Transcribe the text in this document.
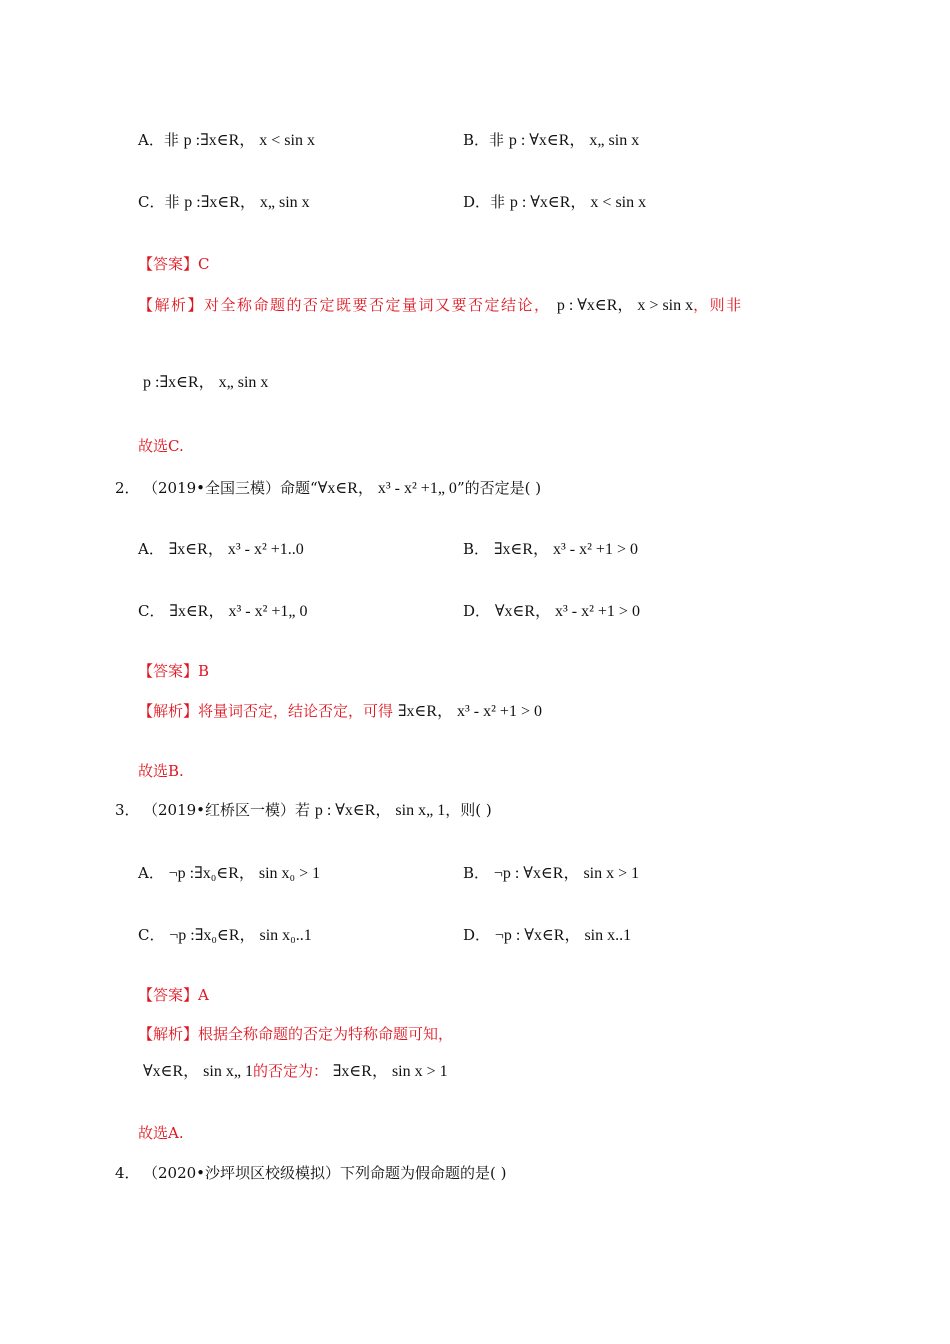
A．非 p :∃x∈R， x < sin x	B．非 p : ∀x∈R， x„ sin x
C．非 p :∃x∈R， x„ sin x	D．非 p : ∀x∈R， x < sin x
【答案】C
【解析】对全称命题的否定既要否定量词又要否定结论， p : ∀x∈R， x > sin x，则非
p :∃x∈R， x„ sin x
故选C.
2． （2019•全国三模）命题“∀x∈R， x³ - x² +1„ 0”的否定是( )
A． ∃x∈R， x³ - x² +1..0	B． ∃x∈R， x³ - x² +1 > 0
C． ∃x∈R， x³ - x² +1„ 0	D． ∀x∈R， x³ - x² +1 > 0
【答案】B
【解析】将量词否定，结论否定，可得 ∃x∈R， x³ - x² +1 > 0
故选B.
3． （2019•红桥区一模）若 p : ∀x∈R， sin x„ 1，则( )
A． ¬p :∃x₀∈R， sin x₀ > 1	B． ¬p : ∀x∈R， sin x > 1
C． ¬p :∃x₀∈R， sin x₀..1	D． ¬p : ∀x∈R， sin x..1
【答案】A
【解析】根据全称命题的否定为特称命题可知，
∀x∈R， sin x„ 1的否定为： ∃x∈R， sin x > 1
故选A.
4． （2020•沙坪坝区校级模拟）下列命题为假命题的是( )
